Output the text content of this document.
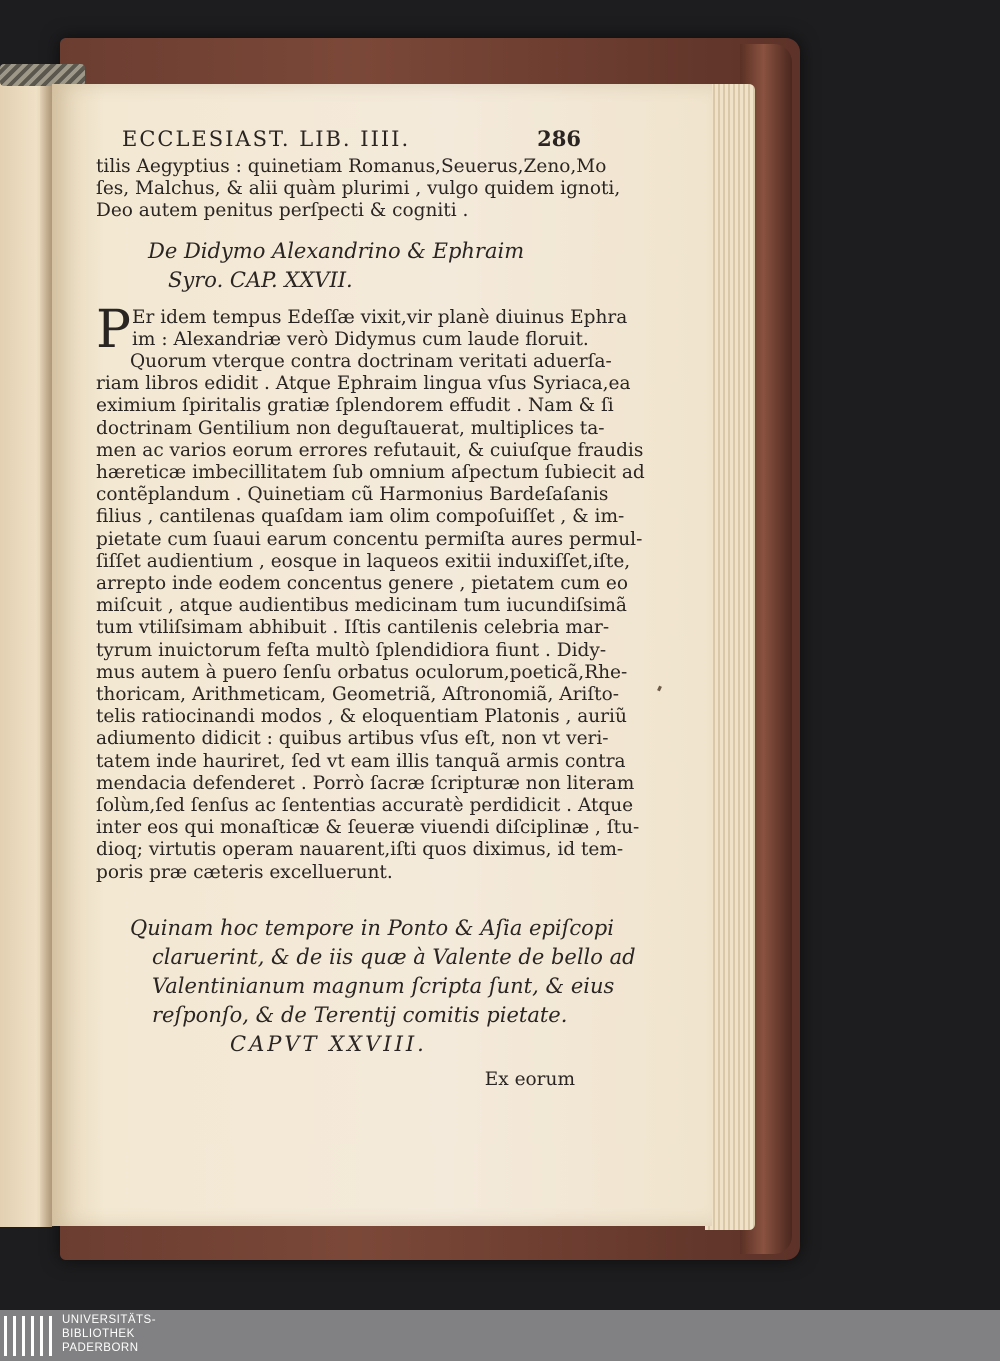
ECCLESIAST. LIB. IIII.	286
tilis Aegyptius : quinetiam Romanus,Seuerus,Zeno,Mo
ſes, Malchus, & alii quàm plurimi , vulgo quidem ignoti,
Deo autem penitus perſpecti & cogniti .
De Didymo Alexandrino & Ephraim
Syro. CAP. XXVII.
P Er idem tempus Edeſſæ vixit,vir planè diuinus Ephra
im : Alexandriæ verò Didymus cum laude floruit.
Quorum vterque contra doctrinam veritati aduerſa-
riam libros edidit . Atque Ephraim lingua vſus Syriaca,ea
eximium ſpiritalis gratiæ ſplendorem effudit . Nam & ſi
doctrinam Gentilium non deguſtauerat, multiplices ta-
men ac varios eorum errores refutauit, & cuiuſque fraudis
hæreticæ imbecillitatem ſub omnium aſpectum ſubiecit ad
contẽplandum . Quinetiam cũ Harmonius Bardeſaſanis
filius , cantilenas quaſdam iam olim compoſuiſſet , & im-
pietate cum ſuaui earum concentu permiſta aures permul-
ſiſſet audientium , eosque in laqueos exitii induxiſſet,iſte,
arrepto inde eodem concentus genere , pietatem cum eo
miſcuit , atque audientibus medicinam tum iucundiſsimã
tum vtiliſsimam abhibuit . Iſtis cantilenis celebria mar-
tyrum inuictorum feſta multò ſplendidiora fiunt . Didy-
mus autem à puero ſenſu orbatus oculorum,poeticã,Rhe-
thoricam, Arithmeticam, Geometriã, Aſtronomiã, Ariſto-
telis ratiocinandi modos , & eloquentiam Platonis , auriũ
adiumento didicit : quibus artibus vſus eſt, non vt veri-
tatem inde hauriret, ſed vt eam illis tanquã armis contra
mendacia defenderet . Porrò ſacræ ſcripturæ non literam
ſolùm,ſed ſenſus ac ſententias accuratè perdidicit . Atque
inter eos qui monaſticæ & ſeueræ viuendi diſciplinæ , ſtu-
dioq; virtutis operam nauarent,iſti quos diximus, id tem-
poris præ cæteris excelluerunt.
Quinam hoc tempore in Ponto & Aſia epiſcopi
claruerint, & de iis quæ à Valente de bello ad
Valentinianum magnum ſcripta ſunt, & eius
reſponſo, & de Terentij comitis pietate.
CAPVT XXVIII.
Ex eorum
UNIVERSITÄTS-
BIBLIOTHEK
PADERBORN
